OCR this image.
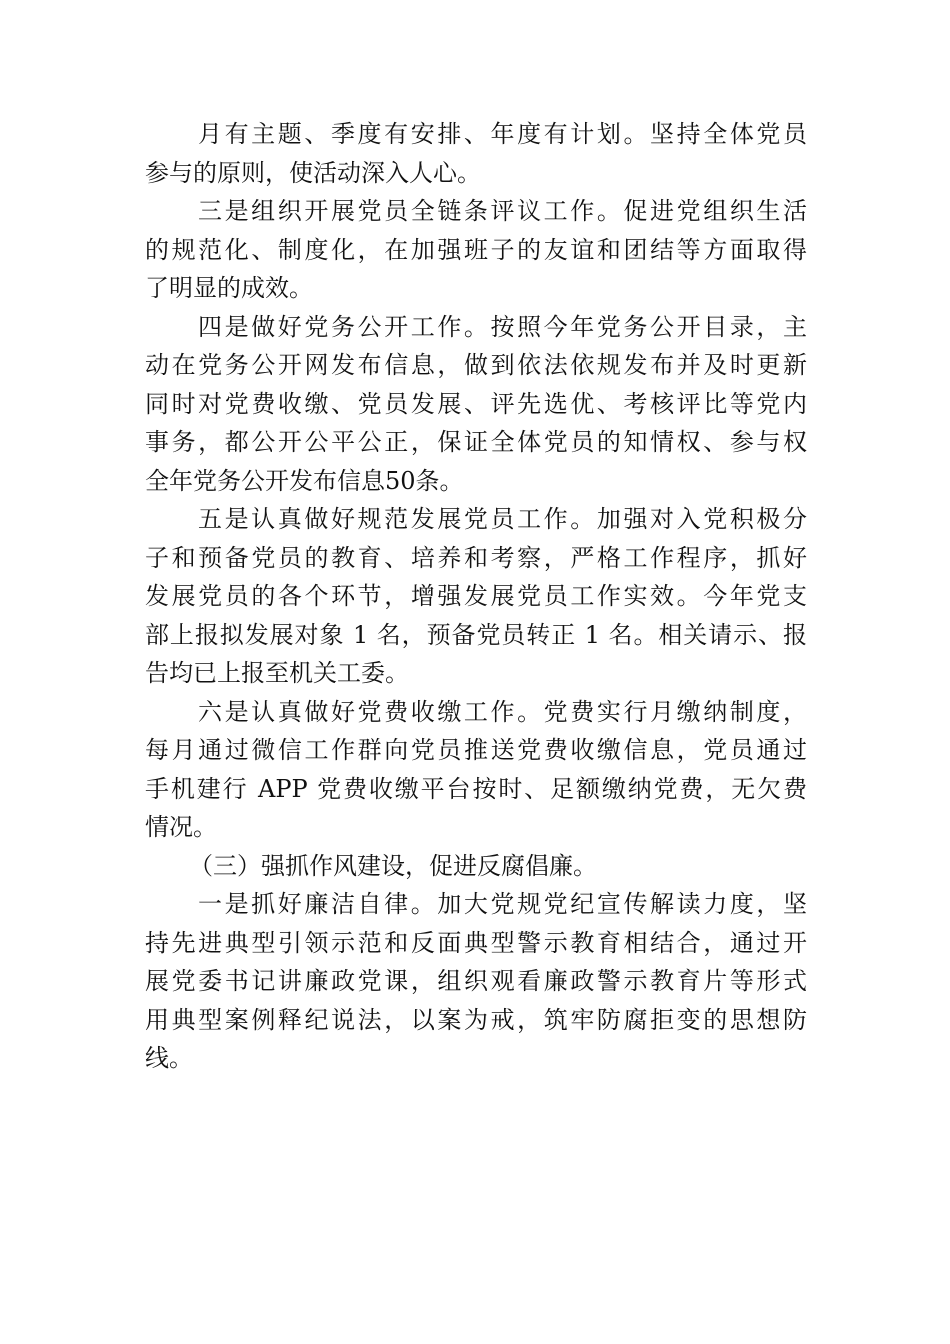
月有主题、季度有安排、年度有计划。坚持全体党员
参与的原则，使活动深入人心。
三是组织开展党员全链条评议工作。促进党组织生活
的规范化、制度化，在加强班子的友谊和团结等方面取得
了明显的成效。
四是做好党务公开工作。按照今年党务公开目录，主
动在党务公开网发布信息，做到依法依规发布并及时更新
同时对党费收缴、党员发展、评先选优、考核评比等党内
事务，都公开公平公正，保证全体党员的知情权、参与权
全年党务公开发布信息50条。
五是认真做好规范发展党员工作。加强对入党积极分
子和预备党员的教育、培养和考察，严格工作程序，抓好
发展党员的各个环节，增强发展党员工作实效。今年党支
部上报拟发展对象 1 名，预备党员转正 1 名。相关请示、报
告均已上报至机关工委。
六是认真做好党费收缴工作。党费实行月缴纳制度，
每月通过微信工作群向党员推送党费收缴信息，党员通过
手机建行 APP 党费收缴平台按时、足额缴纳党费，无欠费
情况。
（三）强抓作风建设，促进反腐倡廉。
一是抓好廉洁自律。加大党规党纪宣传解读力度，坚
持先进典型引领示范和反面典型警示教育相结合，通过开
展党委书记讲廉政党课，组织观看廉政警示教育片等形式
用典型案例释纪说法，以案为戒，筑牢防腐拒变的思想防
线。
